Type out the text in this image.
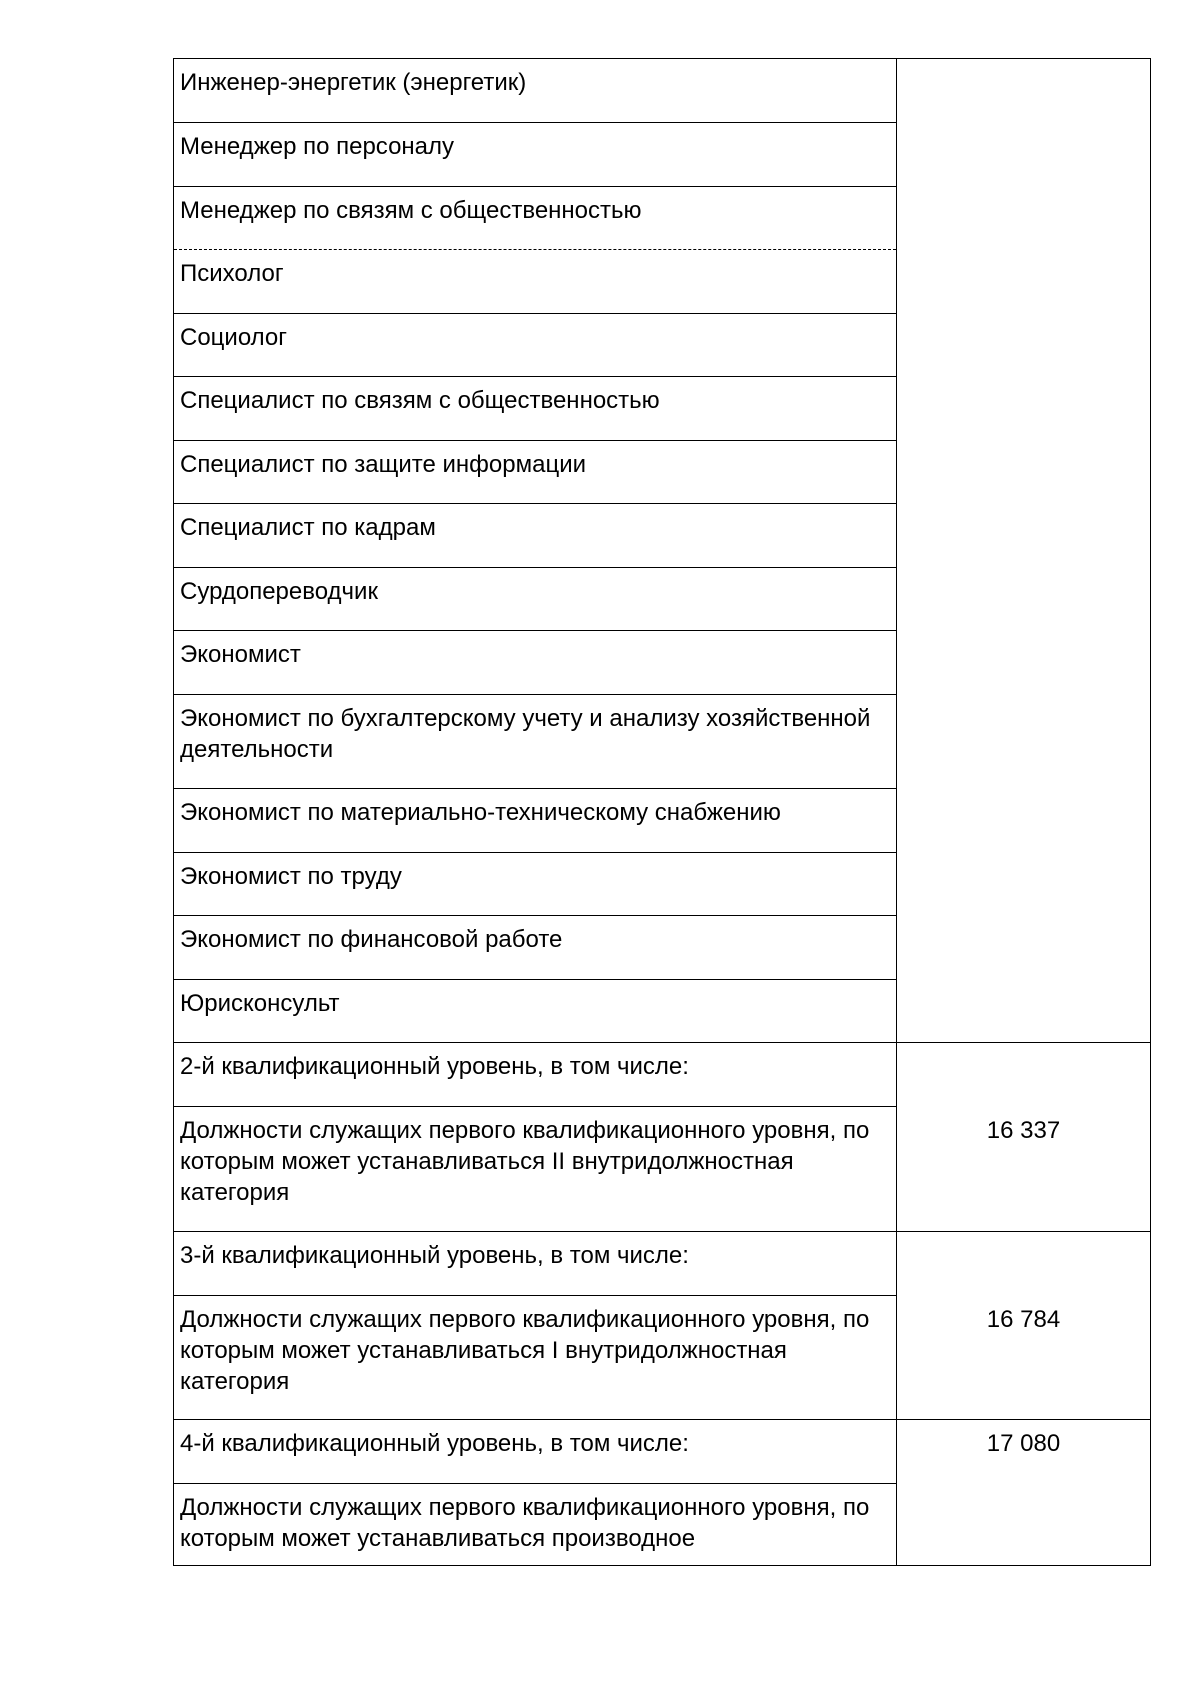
Инженер-энергетик (энергетик)
Менеджер по персоналу
Менеджер по связям с общественностью
Психолог
Социолог
Специалист по связям с общественностью
Специалист по защите информации
Специалист по кадрам
Сурдопереводчик
Экономист
Экономист по бухгалтерскому учету и анализу хозяйственной деятельности
Экономист по материально-техническому снабжению
Экономист по труду
Экономист по финансовой работе
Юрисконсульт
2-й квалификационный уровень, в том числе:
Должности служащих первого квалификационного уровня, по которым может устанавливаться II внутридолжностная категория
16 337
3-й квалификационный уровень, в том числе:
Должности служащих первого квалификационного уровня, по которым может устанавливаться I внутридолжностная категория
16 784
4-й квалификационный уровень, в том числе:
Должности служащих первого квалификационного уровня, по которым может устанавливаться производное
17 080
